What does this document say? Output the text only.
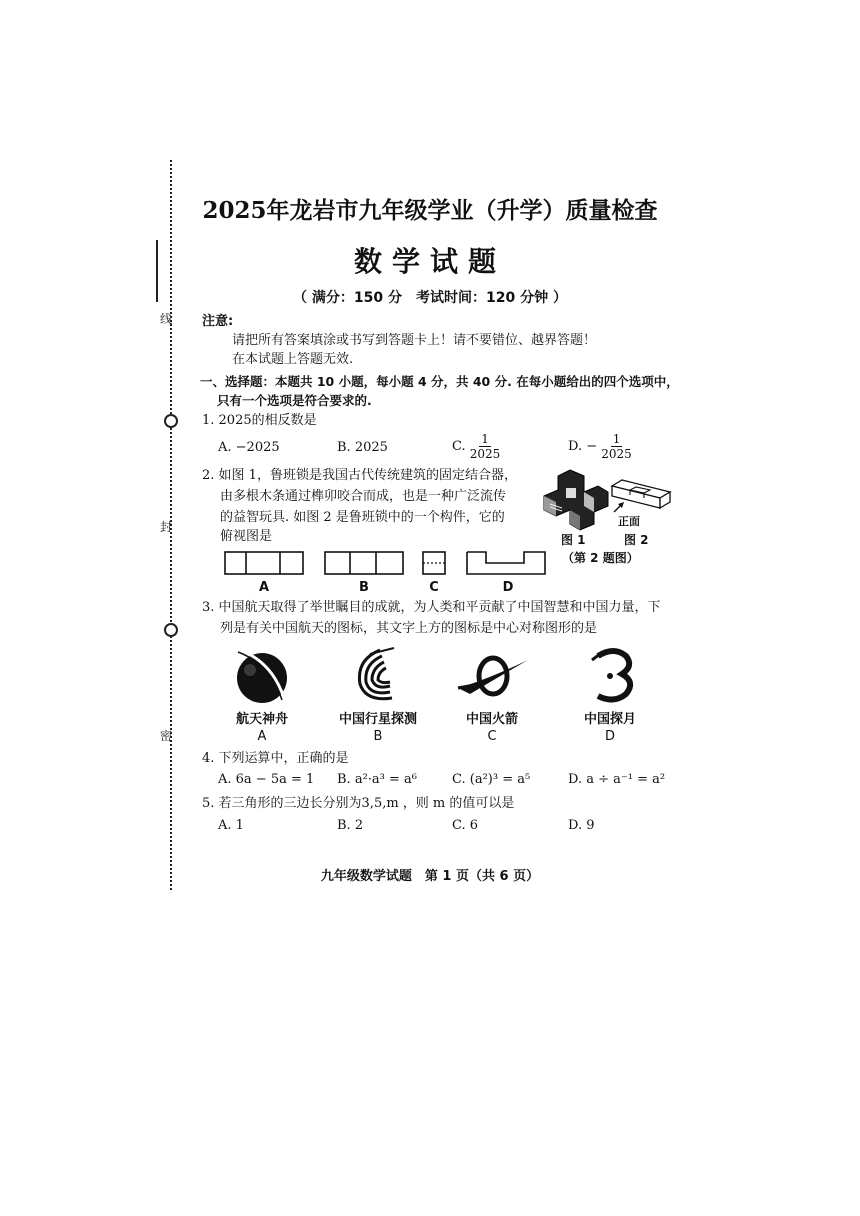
线
封
密
2025年龙岩市九年级学业（升学）质量检查
数学试题
（ 满分：150 分　考试时间：120 分钟 ）
注意:
请把所有答案填涂或书写到答题卡上！请不要错位、越界答题！
在本试题上答题无效.
一、选择题：本题共 10 小题，每小题 4 分，共 40 分. 在每小题给出的四个选项中，
只有一个选项是符合要求的.
1. 2025的相反数是
A. −2025	B. 2025	C. $\frac{1}{2025}$	D. − $\frac{1}{2025}$
2. 如图 1，鲁班锁是我国古代传统建筑的固定结合器，
由多根木条通过榫卯咬合而成，也是一种广泛流传
的益智玩具. 如图 2 是鲁班锁中的一个构件，它的
俯视图是
正面
图 1	图 2
（第 2 题图）
A	B	C	D
3. 中国航天取得了举世瞩目的成就，为人类和平贡献了中国智慧和中国力量，下
列是有关中国航天的图标，其文字上方的图标是中心对称图形的是
航天神舟	中国行星探测	中国火箭	中国探月
A	B	C	D
4. 下列运算中，正确的是
A. 6a − 5a = 1 B. a²·a³ = a⁶	C. (a²)³ = a⁵	D. a ÷ a⁻¹ = a²
5. 若三角形的三边长分别为3,5,m ，则 m 的值可以是
A. 1	B. 2	C. 6	D. 9
九年级数学试题　第 1 页（共 6 页）
